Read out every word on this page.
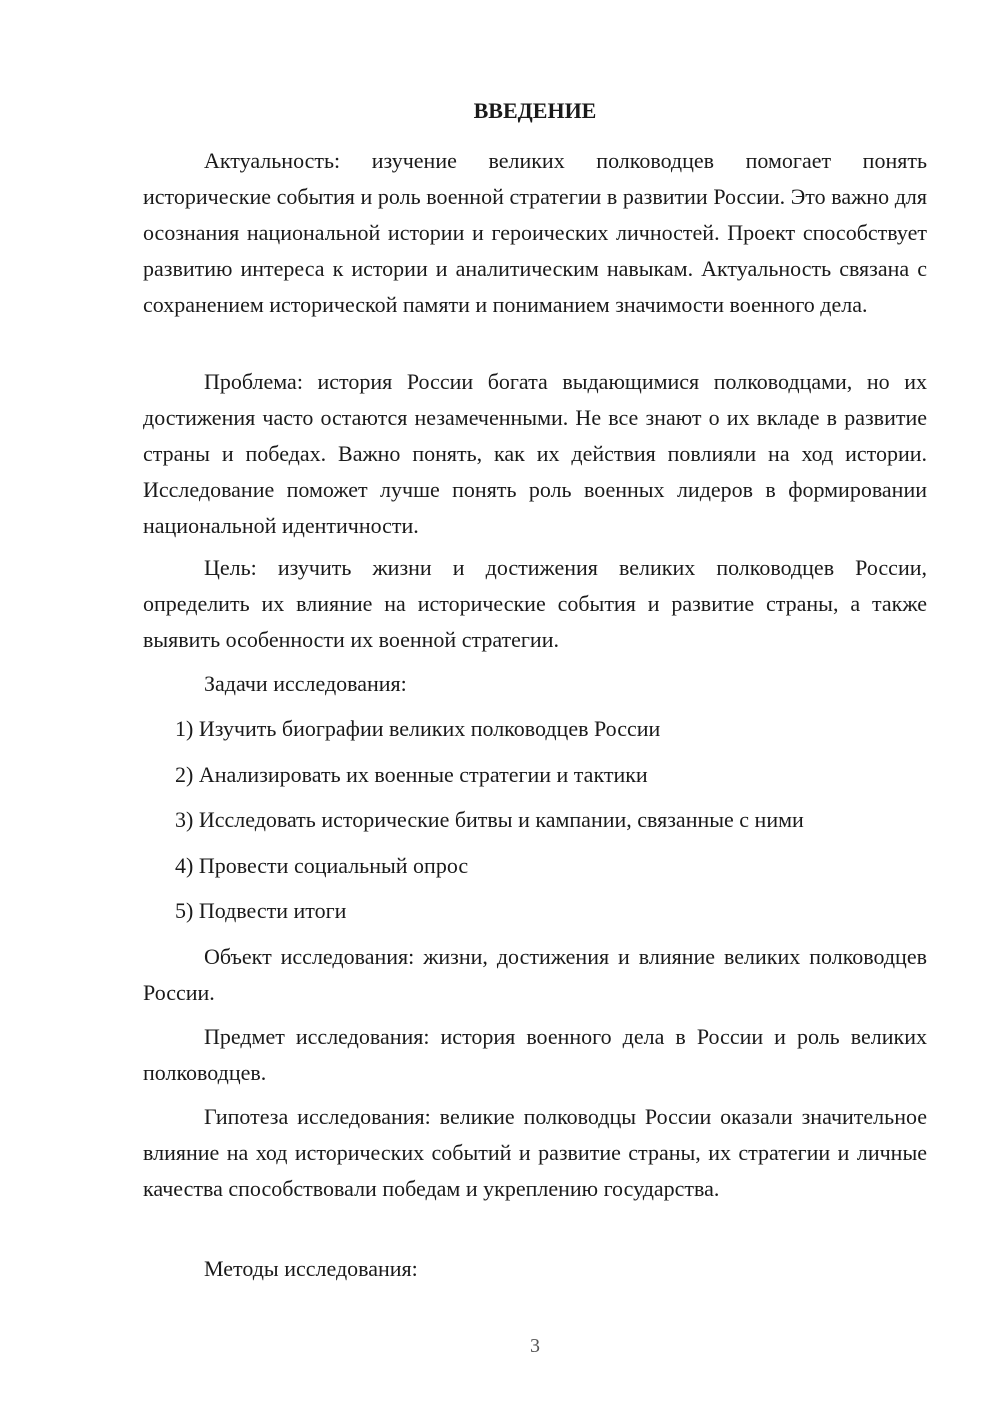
ВВЕДЕНИЕ

Актуальность: изучение великих полководцев помогает понять исторические события и роль военной стратегии в развитии России. Это важно для осознания национальной истории и героических личностей. Проект способствует развитию интереса к истории и аналитическим навыкам. Актуальность связана с сохранением исторической памяти и пониманием значимости военного дела.

Проблема: история России богата выдающимися полководцами, но их достижения часто остаются незамеченными. Не все знают о их вкладе в развитие страны и победах. Важно понять, как их действия повлияли на ход истории. Исследование поможет лучше понять роль военных лидеров в формировании национальной идентичности.

Цель: изучить жизни и достижения великих полководцев России, определить их влияние на исторические события и развитие страны, а также выявить особенности их военной стратегии.

Задачи исследования:

1) Изучить биографии великих полководцев России

2) Анализировать их военные стратегии и тактики

3) Исследовать исторические битвы и кампании, связанные с ними

4) Провести социальный опрос

5) Подвести итоги

Объект исследования: жизни, достижения и влияние великих полководцев России.

Предмет исследования: история военного дела в России и роль великих полководцев.

Гипотеза исследования: великие полководцы России оказали значительное влияние на ход исторических событий и развитие страны, их стратегии и личные качества способствовали победам и укреплению государства.

Методы исследования:

3
